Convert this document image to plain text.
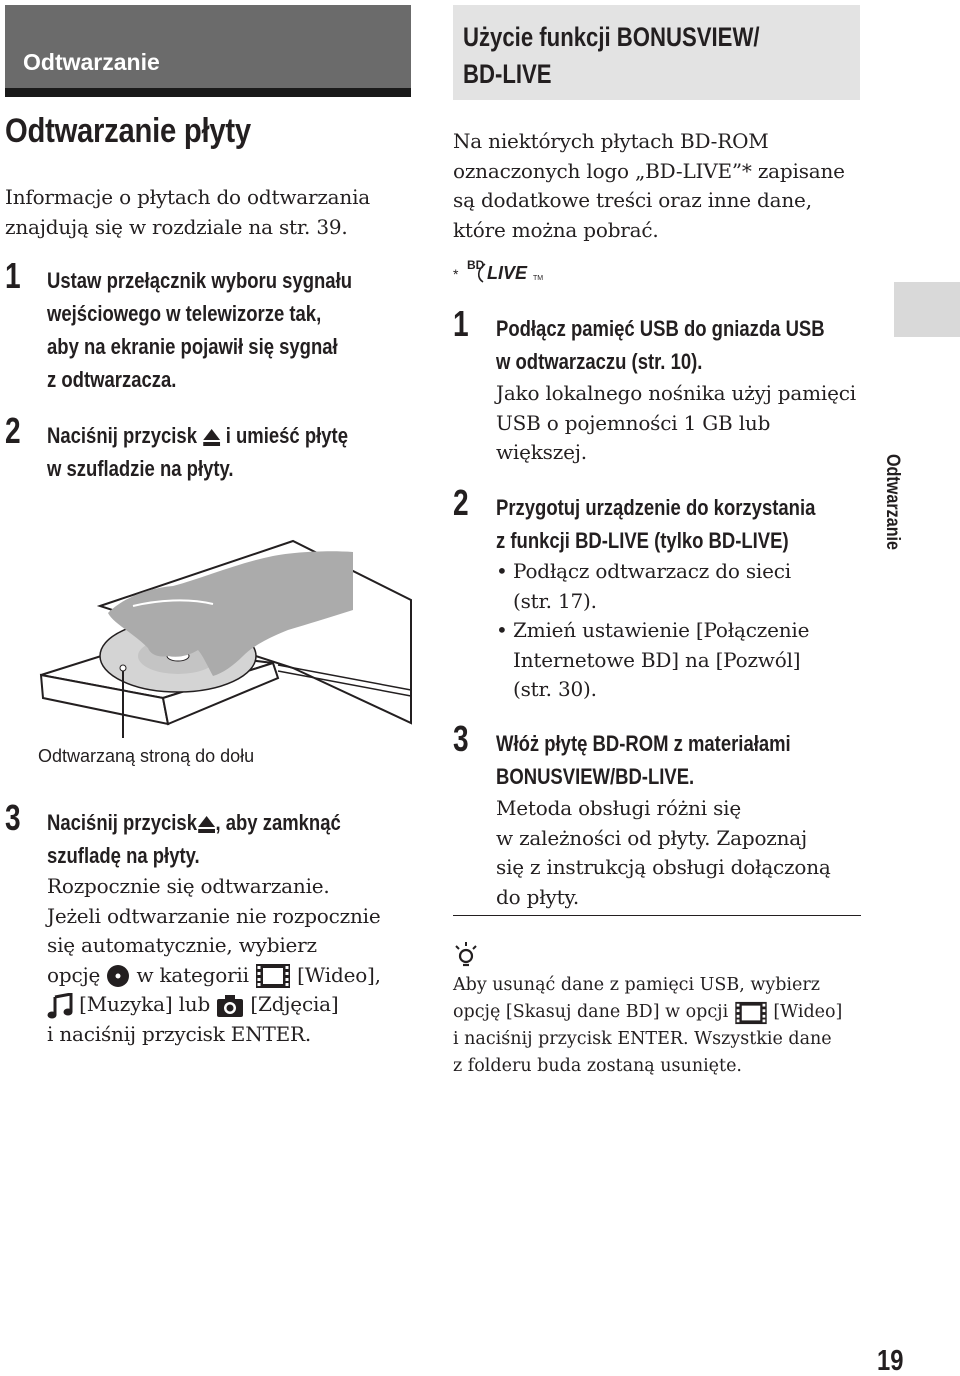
Odtwarzanie
Odtwarzanie płyty
Informacje o płytach do odtwarzania
znajdują się w rozdziale na str. 39.
1 Ustaw przełącznik wyboru sygnału
wejściowego w telewizorze tak,
aby na ekranie pojawił się sygnał
z odtwarzacza.
2 Naciśnij przycisk i umieść płytę
w szufladzie na płyty.
Odtwarzaną stroną do dołu
3 Naciśnij przycisk , aby zamknąć
szufladę na płyty.
Rozpocznie się odtwarzanie.
Jeżeli odtwarzanie nie rozpocznie
się automatycznie, wybierz
opcję w kategorii [Wideo],
[Muzyka] lub [Zdjęcia]
i naciśnij przycisk ENTER.
Użycie funkcji BONUSVIEW/
BD-LIVE
Na niektórych płytach BD-ROM
oznaczonych logo „BD-LIVE”* zapisane
są dodatkowe treści oraz inne dane,
które można pobrać.
*
BD LIVE TM
1 Podłącz pamięć USB do gniazda USB
w odtwarzaczu (str. 10).
Jako lokalnego nośnika użyj pamięci
USB o pojemności 1 GB lub
większej.
2 Przygotuj urządzenie do korzystania
z funkcji BD-LIVE (tylko BD-LIVE)
• Podłącz odtwarzacz do sieci
(str. 17).
• Zmień ustawienie [Połączenie
Internetowe BD] na [Pozwól]
(str. 30).
3 Włóż płytę BD-ROM z materiałami
BONUSVIEW/BD-LIVE.
Metoda obsługi różni się
w zależności od płyty. Zapoznaj
się z instrukcją obsługi dołączoną
do płyty.
Aby usunąć dane z pamięci USB, wybierz
opcję [Skasuj dane BD] w opcji	[Wideo]
i naciśnij przycisk ENTER. Wszystkie dane
z folderu buda zostaną usunięte.
Odtwarzanie
19
